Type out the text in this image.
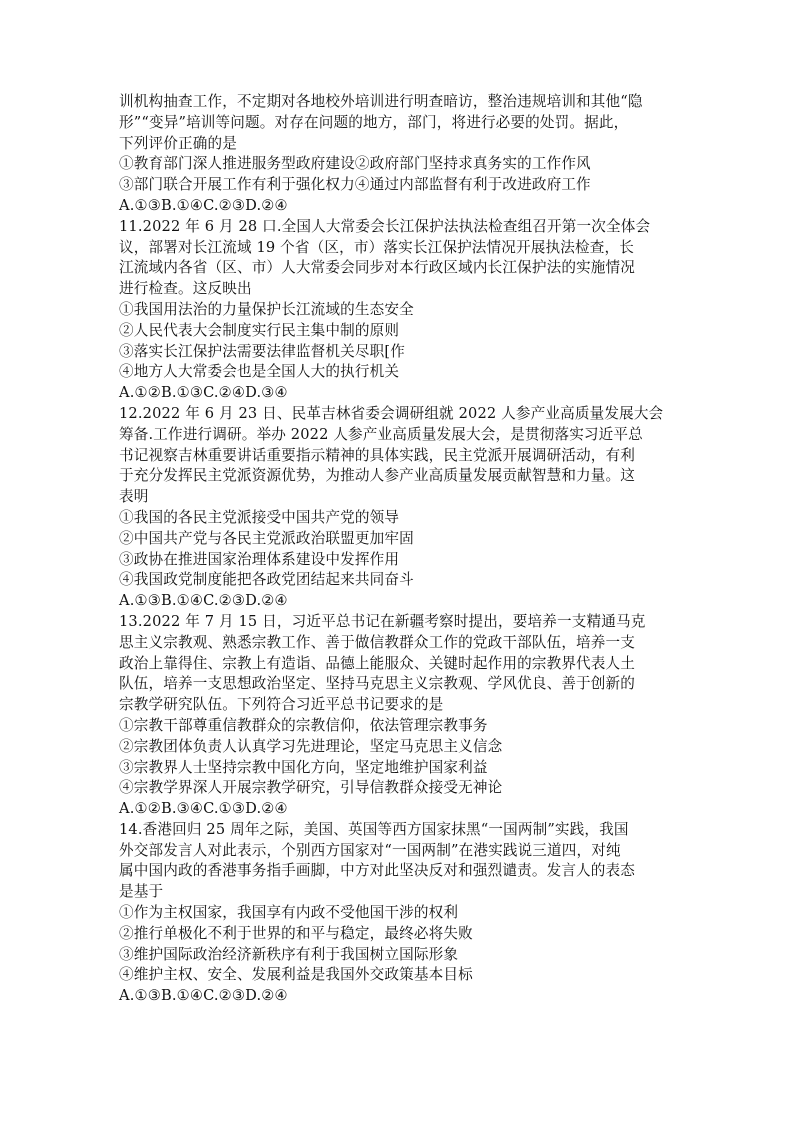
训机构抽查工作，不定期对各地校外培训进行明查暗访，整治违规培训和其他“隐
形”“变异”培训等问题。对存在问题的地方，部门，将进行必要的处罚。据此，
下列评价正确的是
①教育部门深人推进服务型政府建设②政府部门坚持求真务实的工作作风
③部门联合开展工作有利于强化权力④通过内部监督有利于改进政府工作
A.①③B.①④C.②③D.②④
11.2022 年 6 月 28 口.全国人大常委会长江保护法执法检查组召开第一次全体会
议，部署对长江流域 19 个省（区，市）落实长江保护法情况开展执法检查，长
江流域内各省（区、市）人大常委会同步对本行政区域内长江保护法的实施情况
进行检查。这反映出
①我国用法治的力量保护长江流域的生态安全
②人民代表大会制度实行民主集中制的原则
③落实长江保护法需要法律监督机关尽职[作
④地方人大常委会也是全国人大的执行机关
A.①②B.①③C.②④D.③④
12.2022 年 6 月 23 日、民革吉林省委会调研组就 2022 人参产业高质量发展大会
筹备.工作进行调研。举办 2022 人参产业高质量发展大会，是贯彻落实习近平总
书记视察吉林重要讲话重要指示精神的具体实践，民主党派开展调研活动，有利
于充分发挥民主党派资源优势，为推动人参产业高质量发展贡献智慧和力量。这
表明
①我国的各民主党派接受中国共产党的领导
②中国共产党与各民主党派政治联盟更加牢固
③政协在推进国家治理体系建设中发挥作用
④我国政党制度能把各政党团结起来共同奋斗
A.①③B.①④C.②③D.②④
13.2022 年 7 月 15 日，习近平总书记在新疆考察时提出，要培养一支精通马克
思主义宗教观、熟悉宗教工作、善于做信教群众工作的党政干部队伍，培养一支
政治上靠得住、宗教上有造诣、品德上能服众、关键时起作用的宗教界代表人土
队伍，培养一支思想政治坚定、坚持马克思主义宗教观、学风优良、善于创新的
宗教学研究队伍。下列符合习近平总书记要求的是
①宗教干部尊重信教群众的宗教信仰，依法管理宗教事务
②宗教团体负责人认真学习先进理论，坚定马克思主义信念
③宗教界人士坚持宗教中国化方向，坚定地维护国家利益
④宗教学界深人开展宗教学研究，引导信教群众接受无神论
A.①②B.③④C.①③D.②④
14.香港回归 25 周年之际，美国、英国等西方国家抹黑“一国两制”实践，我国
外交部发言人对此表示，个别西方国家对“一国两制”在港实践说三道四，对纯
属中国内政的香港事务指手画脚，中方对此坚决反对和强烈谴责。发言人的表态
是基于
①作为主权国家，我国享有内政不受他国干涉的权利
②推行单极化不利于世界的和平与稳定，最终必将失败
③维护国际政治经济新秩序有利于我国树立国际形象
④维护主权、安全、发展利益是我国外交政策基本目标
A.①③B.①④C.②③D.②④
